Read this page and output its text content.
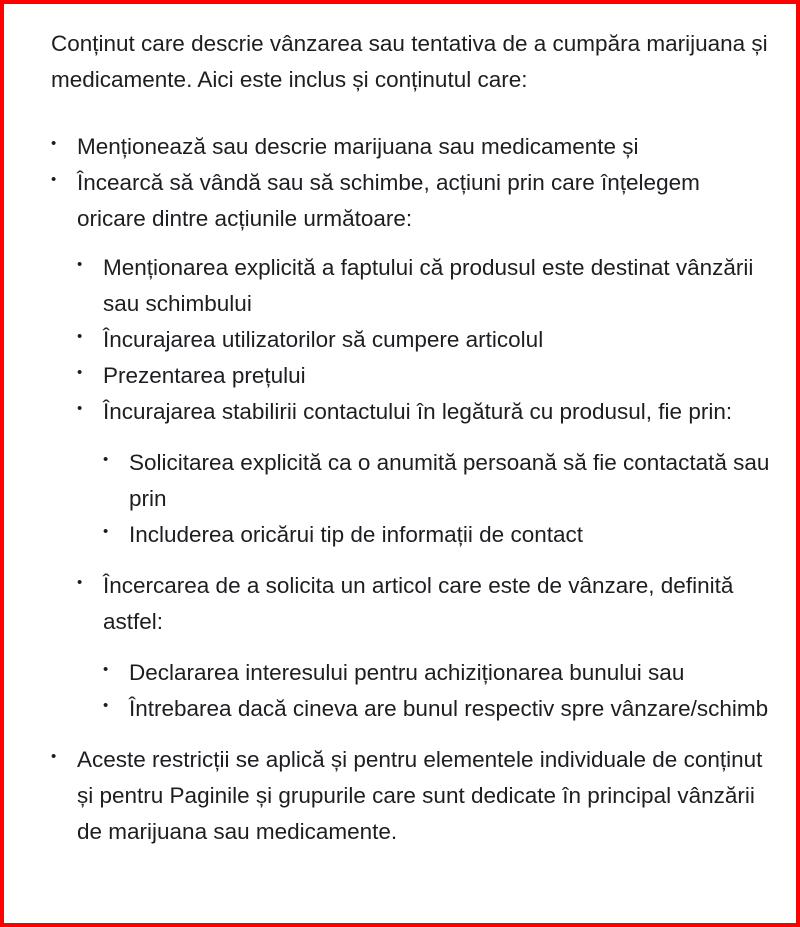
Conținut care descrie vânzarea sau tentativa de a cumpăra marijuana și medicamente. Aici este inclus și conținutul care:

• Menționează sau descrie marijuana sau medicamente și
• Încearcă să vândă sau să schimbe, acțiuni prin care înțelegem oricare dintre acțiunile următoare:
• Menționarea explicită a faptului că produsul este destinat vânzării sau schimbului
• Încurajarea utilizatorilor să cumpere articolul
• Prezentarea prețului
• Încurajarea stabilirii contactului în legătură cu produsul, fie prin:
• Solicitarea explicită ca o anumită persoană să fie contactată sau prin
• Includerea oricărui tip de informații de contact
• Încercarea de a solicita un articol care este de vânzare, definită astfel:
• Declararea interesului pentru achiziționarea bunului sau
• Întrebarea dacă cineva are bunul respectiv spre vânzare/schimb
• Aceste restricții se aplică și pentru elementele individuale de conținut și pentru Paginile și grupurile care sunt dedicate în principal vânzării de marijuana sau medicamente.
